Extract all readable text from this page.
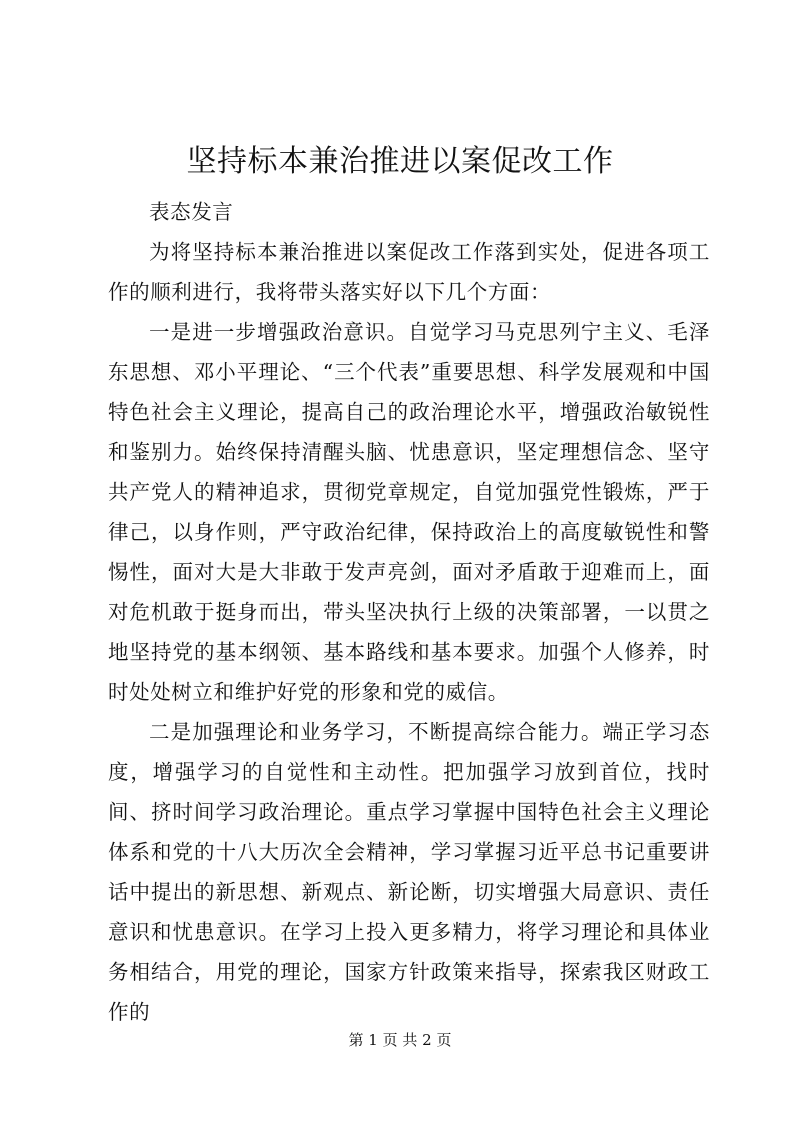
坚持标本兼治推进以案促改工作

表态发言

为将坚持标本兼治推进以案促改工作落到实处，促进各项工作的顺利进行，我将带头落实好以下几个方面：

一是进一步增强政治意识。自觉学习马克思列宁主义、毛泽东思想、邓小平理论、“三个代表”重要思想、科学发展观和中国特色社会主义理论，提高自己的政治理论水平，增强政治敏锐性和鉴别力。始终保持清醒头脑、忧患意识，坚定理想信念、坚守共产党人的精神追求，贯彻党章规定，自觉加强党性锻炼，严于律己，以身作则，严守政治纪律，保持政治上的高度敏锐性和警惕性，面对大是大非敢于发声亮剑，面对矛盾敢于迎难而上，面对危机敢于挺身而出，带头坚决执行上级的决策部署，一以贯之地坚持党的基本纲领、基本路线和基本要求。加强个人修养，时时处处树立和维护好党的形象和党的威信。

二是加强理论和业务学习，不断提高综合能力。端正学习态度，增强学习的自觉性和主动性。把加强学习放到首位，找时间、挤时间学习政治理论。重点学习掌握中国特色社会主义理论体系和党的十八大历次全会精神，学习掌握习近平总书记重要讲话中提出的新思想、新观点、新论断，切实增强大局意识、责任意识和忧患意识。在学习上投入更多精力，将学习理论和具体业务相结合，用党的理论，国家方针政策来指导，探索我区财政工作的

第 1 页 共 2 页
